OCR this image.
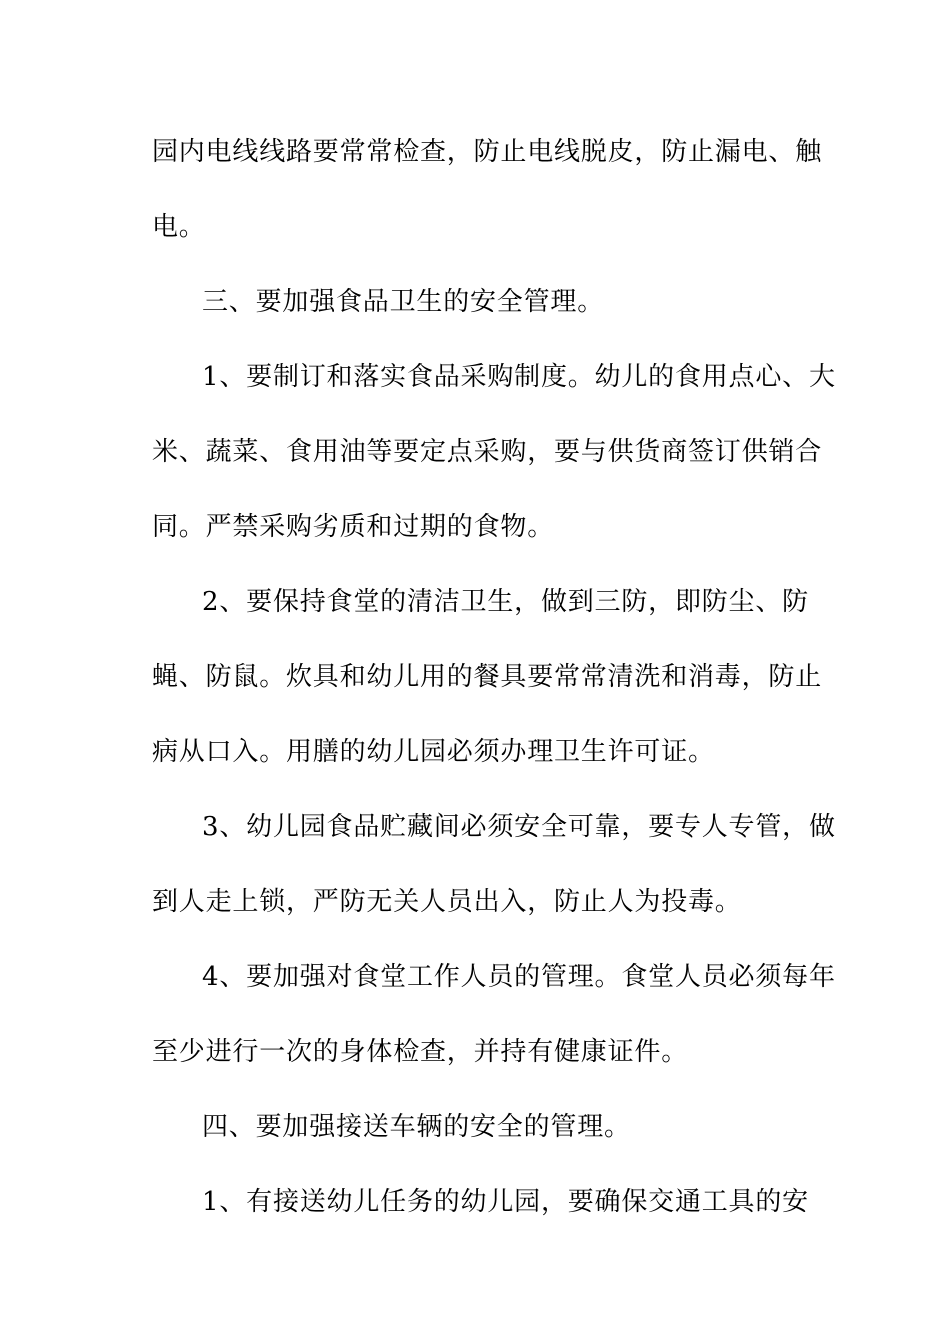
园内电线线路要常常检查，防止电线脱皮，防止漏电、触
电。
三、要加强食品卫生的安全管理。
1、要制订和落实食品采购制度。幼儿的食用点心、大
米、蔬菜、食用油等要定点采购，要与供货商签订供销合
同。严禁采购劣质和过期的食物。
2、要保持食堂的清洁卫生，做到三防，即防尘、防
蝇、防鼠。炊具和幼儿用的餐具要常常清洗和消毒，防止
病从口入。用膳的幼儿园必须办理卫生许可证。
3、幼儿园食品贮藏间必须安全可靠，要专人专管，做
到人走上锁，严防无关人员出入，防止人为投毒。
4、要加强对食堂工作人员的管理。食堂人员必须每年
至少进行一次的身体检查，并持有健康证件。
四、要加强接送车辆的安全的管理。
1、有接送幼儿任务的幼儿园，要确保交通工具的安
